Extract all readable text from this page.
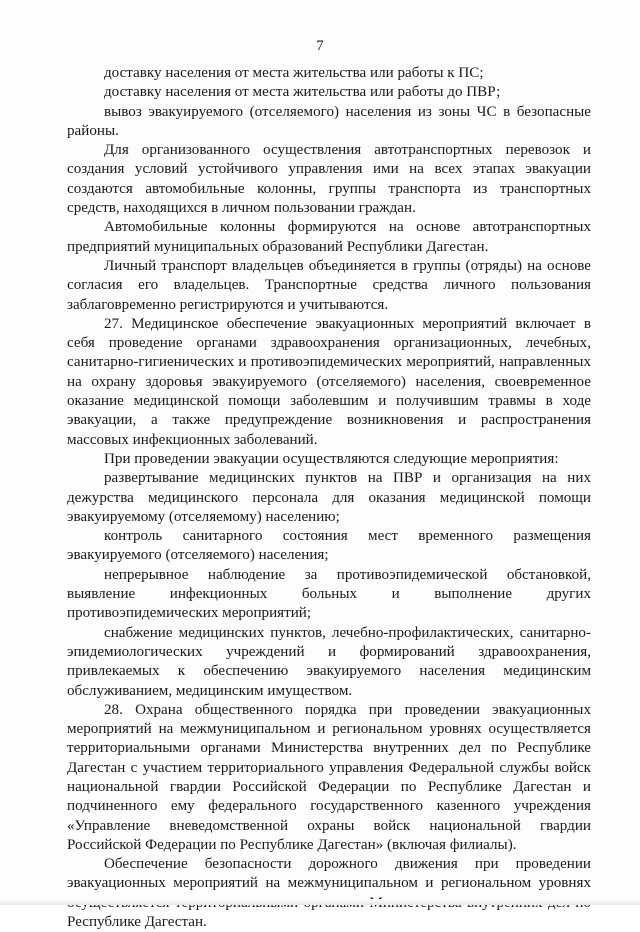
7

доставку населения от места жительства или работы к ПС;

доставку населения от места жительства или работы до ПВР;

вывоз эвакуируемого (отселяемого) населения из зоны ЧС в безопасные районы.

Для организованного осуществления автотранспортных перевозок и создания условий устойчивого управления ими на всех этапах эвакуации создаются автомобильные колонны, группы транспорта из транспортных средств, находящихся в личном пользовании граждан.

Автомобильные колонны формируются на основе автотранспортных предприятий муниципальных образований Республики Дагестан.

Личный транспорт владельцев объединяется в группы (отряды) на основе согласия его владельцев. Транспортные средства личного пользования заблаговременно регистрируются и учитываются.

27. Медицинское обеспечение эвакуационных мероприятий включает в себя проведение органами здравоохранения организационных, лечебных, санитарно-гигиенических и противоэпидемических мероприятий, направленных на охрану здоровья эвакуируемого (отселяемого) населения, своевременное оказание медицинской помощи заболевшим и получившим травмы в ходе эвакуации, а также предупреждение возникновения и распространения массовых инфекционных заболеваний.

При проведении эвакуации осуществляются следующие мероприятия:

развертывание медицинских пунктов на ПВР и организация на них дежурства медицинского персонала для оказания медицинской помощи эвакуируемому (отселяемому) населению;

контроль санитарного состояния мест временного размещения эвакуируемого (отселяемого) населения;

непрерывное наблюдение за противоэпидемической обстановкой, выявление инфекционных больных и выполнение других противоэпидемических мероприятий;

снабжение медицинских пунктов, лечебно-профилактических, санитарно-эпидемиологических учреждений и формирований здравоохранения, привлекаемых к обеспечению эвакуируемого населения медицинским обслуживанием, медицинским имуществом.

28. Охрана общественного порядка при проведении эвакуационных мероприятий на межмуниципальном и региональном уровнях осуществляется территориальными органами Министерства внутренних дел по Республике Дагестан с участием территориального управления Федеральной службы войск национальной гвардии Российской Федерации по Республике Дагестан и подчиненного ему федерального государственного казенного учреждения «Управление вневедомственной охраны войск национальной гвардии Российской Федерации по Республике Дагестан» (включая филиалы).

Обеспечение безопасности дорожного движения при проведении эвакуационных мероприятий на межмуниципальном и региональном уровнях Республике Дагестан.
